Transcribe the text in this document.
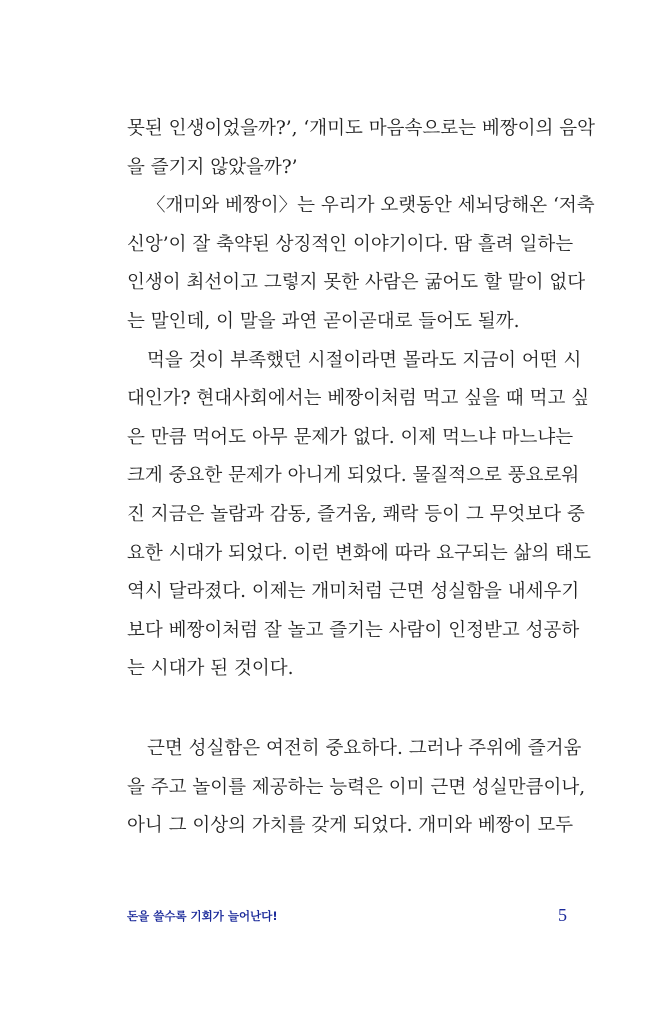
못된 인생이었을까?’, ‘개미도 마음속으로는 베짱이의 음악
을 즐기지 않았을까?’
〈개미와 베짱이〉는 우리가 오랫동안 세뇌당해온 ‘저축
신앙’이 잘 축약된 상징적인 이야기이다. 땀 흘려 일하는
인생이 최선이고 그렇지 못한 사람은 굶어도 할 말이 없다
는 말인데, 이 말을 과연 곧이곧대로 들어도 될까.
먹을 것이 부족했던 시절이라면 몰라도 지금이 어떤 시
대인가? 현대사회에서는 베짱이처럼 먹고 싶을 때 먹고 싶
은 만큼 먹어도 아무 문제가 없다. 이제 먹느냐 마느냐는
크게 중요한 문제가 아니게 되었다. 물질적으로 풍요로워
진 지금은 놀람과 감동, 즐거움, 쾌락 등이 그 무엇보다 중
요한 시대가 되었다. 이런 변화에 따라 요구되는 삶의 태도
역시 달라졌다. 이제는 개미처럼 근면 성실함을 내세우기
보다 베짱이처럼 잘 놀고 즐기는 사람이 인정받고 성공하
는 시대가 된 것이다.
근면 성실함은 여전히 중요하다. 그러나 주위에 즐거움
을 주고 놀이를 제공하는 능력은 이미 근면 성실만큼이나,
아니 그 이상의 가치를 갖게 되었다. 개미와 베짱이 모두
돈을 쓸수록 기회가 늘어난다!	5
